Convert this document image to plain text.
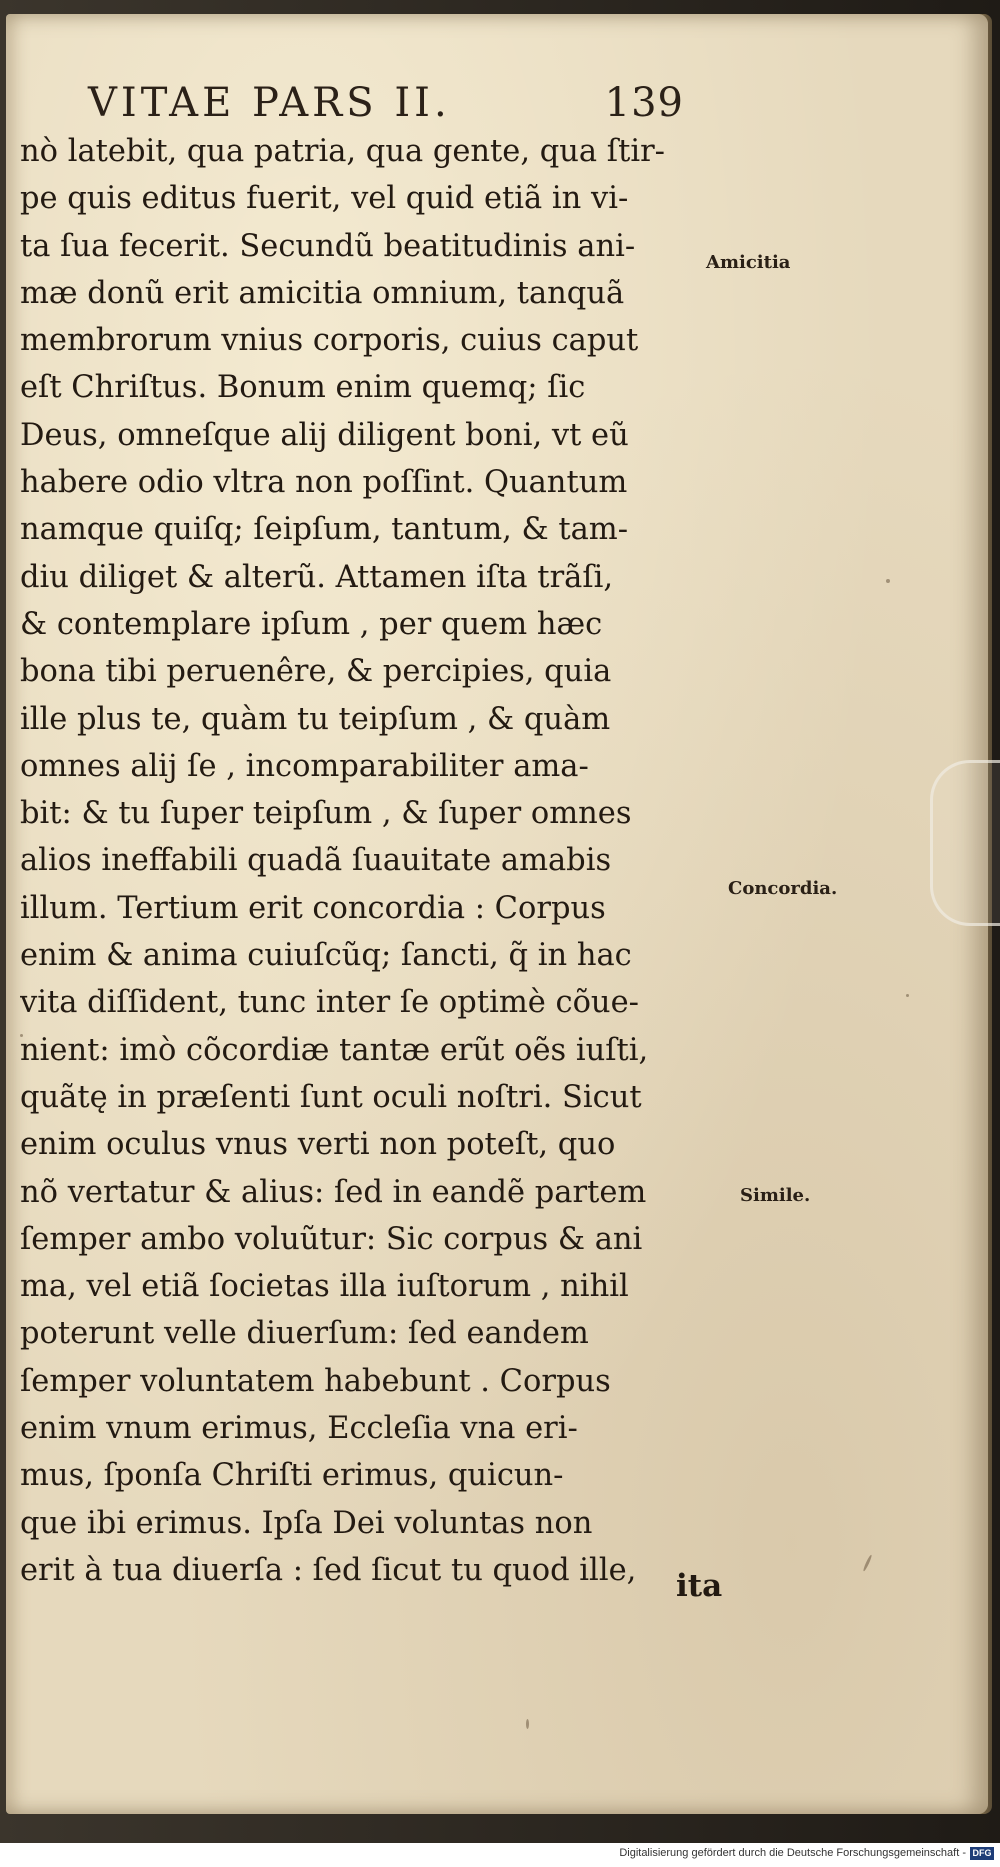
VITAE PARS II.	139
nò latebit, qua patria, qua gente, qua ſtir-
pe quis editus fuerit, vel quid etiã in vi-
ta ſua fecerit. Secundũ beatitudinis ani-
mæ donũ erit amicitia omnium, tanquã
membrorum vnius corporis, cuius caput
eſt Chriſtus. Bonum enim quemq; ſic
Deus, omneſque alij diligent boni, vt eũ
habere odio vltra non poſſint. Quantum
namque quiſq; ſeipſum, tantum, & tam-
diu diliget & alterũ. Attamen iſta trãſi,
& contemplare ipſum , per quem hæc
bona tibi peruenêre, & percipies, quia
ille plus te, quàm tu teipſum , & quàm
omnes alij ſe , incomparabiliter ama-
bit: & tu ſuper teipſum , & ſuper omnes
alios ineffabili quadã ſuauitate amabis
illum. Tertium erit concordia : Corpus
enim & anima cuiuſcũq; ſancti, q̃ in hac
vita diſſident, tunc inter ſe optimè cõue-
nient: imò cõcordiæ tantæ erũt oẽs iuſti,
quãtę in præſenti ſunt oculi noſtri. Sicut
enim oculus vnus verti non poteſt, quo
nõ vertatur & alius: ſed in eandẽ partem
ſemper ambo voluũtur: Sic corpus & ani
ma, vel etiã ſocietas illa iuſtorum , nihil
poterunt velle diuerſum: ſed eandem
ſemper voluntatem habebunt . Corpus
enim vnum erimus, Eccleſia vna eri-
mus, ſponſa Chriſti erimus, quicun-
que ibi erimus. Ipſa Dei voluntas non
erit à tua diuerſa : ſed ſicut tu quod ille,	ita
Amicitia
Concordia.
Simile.
Digitalisierung gefördert durch die Deutsche Forschungsgemeinschaft - DFG
